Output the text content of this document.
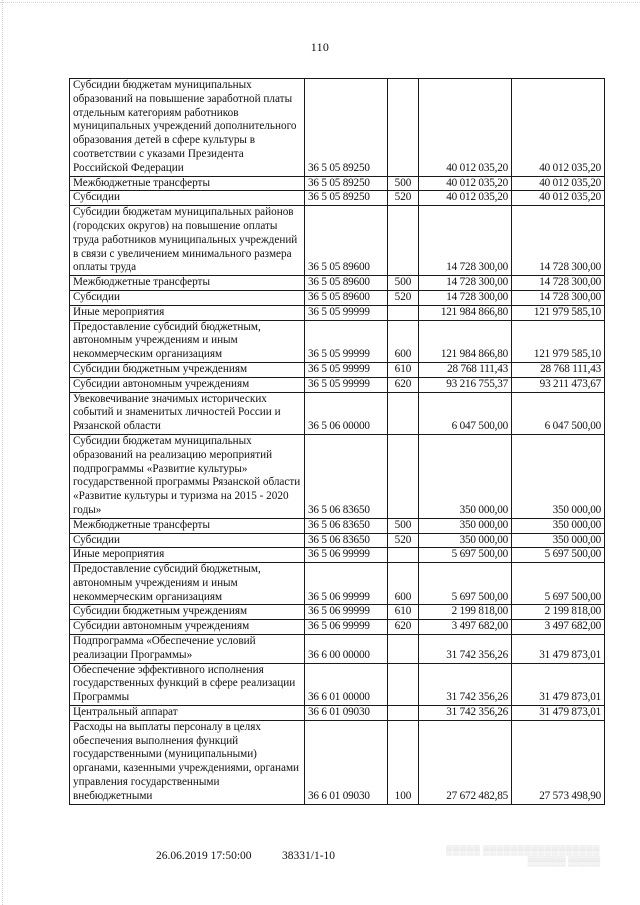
110
Субсидии бюджетам муниципальных образований на повышение заработной платы отдельным категориям работников муниципальных учреждений дополнительного образования детей в сфере культуры в соответствии с указами Президента Российской Федерации	36 5 05 89250		40 012 035,20	40 012 035,20
Межбюджетные трансферты	36 5 05 89250	500	40 012 035,20	40 012 035,20
Субсидии	36 5 05 89250	520	40 012 035,20	40 012 035,20
Субсидии бюджетам муниципальных районов (городских округов) на повышение оплаты труда работников муниципальных учреждений в связи с увеличением минимального размера оплаты труда	36 5 05 89600		14 728 300,00	14 728 300,00
Межбюджетные трансферты	36 5 05 89600	500	14 728 300,00	14 728 300,00
Субсидии	36 5 05 89600	520	14 728 300,00	14 728 300,00
Иные мероприятия	36 5 05 99999		121 984 866,80	121 979 585,10
Предоставление субсидий бюджетным, автономным учреждениям и иным некоммерческим организациям	36 5 05 99999	600	121 984 866,80	121 979 585,10
Субсидии бюджетным учреждениям	36 5 05 99999	610	28 768 111,43	28 768 111,43
Субсидии автономным учреждениям	36 5 05 99999	620	93 216 755,37	93 211 473,67
Увековечивание значимых исторических событий и знаменитых личностей России и Рязанской области	36 5 06 00000		6 047 500,00	6 047 500,00
Субсидии бюджетам муниципальных образований на реализацию мероприятий подпрограммы «Развитие культуры» государственной программы Рязанской области «Развитие культуры и туризма на 2015 - 2020 годы»	36 5 06 83650		350 000,00	350 000,00
Межбюджетные трансферты	36 5 06 83650	500	350 000,00	350 000,00
Субсидии	36 5 06 83650	520	350 000,00	350 000,00
Иные мероприятия	36 5 06 99999		5 697 500,00	5 697 500,00
Предоставление субсидий бюджетным, автономным учреждениям и иным некоммерческим организациям	36 5 06 99999	600	5 697 500,00	5 697 500,00
Субсидии бюджетным учреждениям	36 5 06 99999	610	2 199 818,00	2 199 818,00
Субсидии автономным учреждениям	36 5 06 99999	620	3 497 682,00	3 497 682,00
Подпрограмма «Обеспечение условий реализации Программы»	36 6 00 00000		31 742 356,26	31 479 873,01
Обеспечение эффективного исполнения государственных функций в сфере реализации Программы	36 6 01 00000		31 742 356,26	31 479 873,01
Центральный аппарат	36 6 01 09030		31 742 356,26	31 479 873,01
Расходы на выплаты персоналу в целях обеспечения выполнения функций государственными (муниципальными) органами, казенными учреждениями, органами управления государственными внебюджетными	36 6 01 09030	100	27 672 482,85	27 573 498,90
26.06.2019 17:50:00	38331/1-10	▒▒▒▒▒ ▒▒▒▒▒▒▒▒▒▒▒▒▒▒▒▒▒
▒▒▒▒▒▒ ▒▒▒▒▒
